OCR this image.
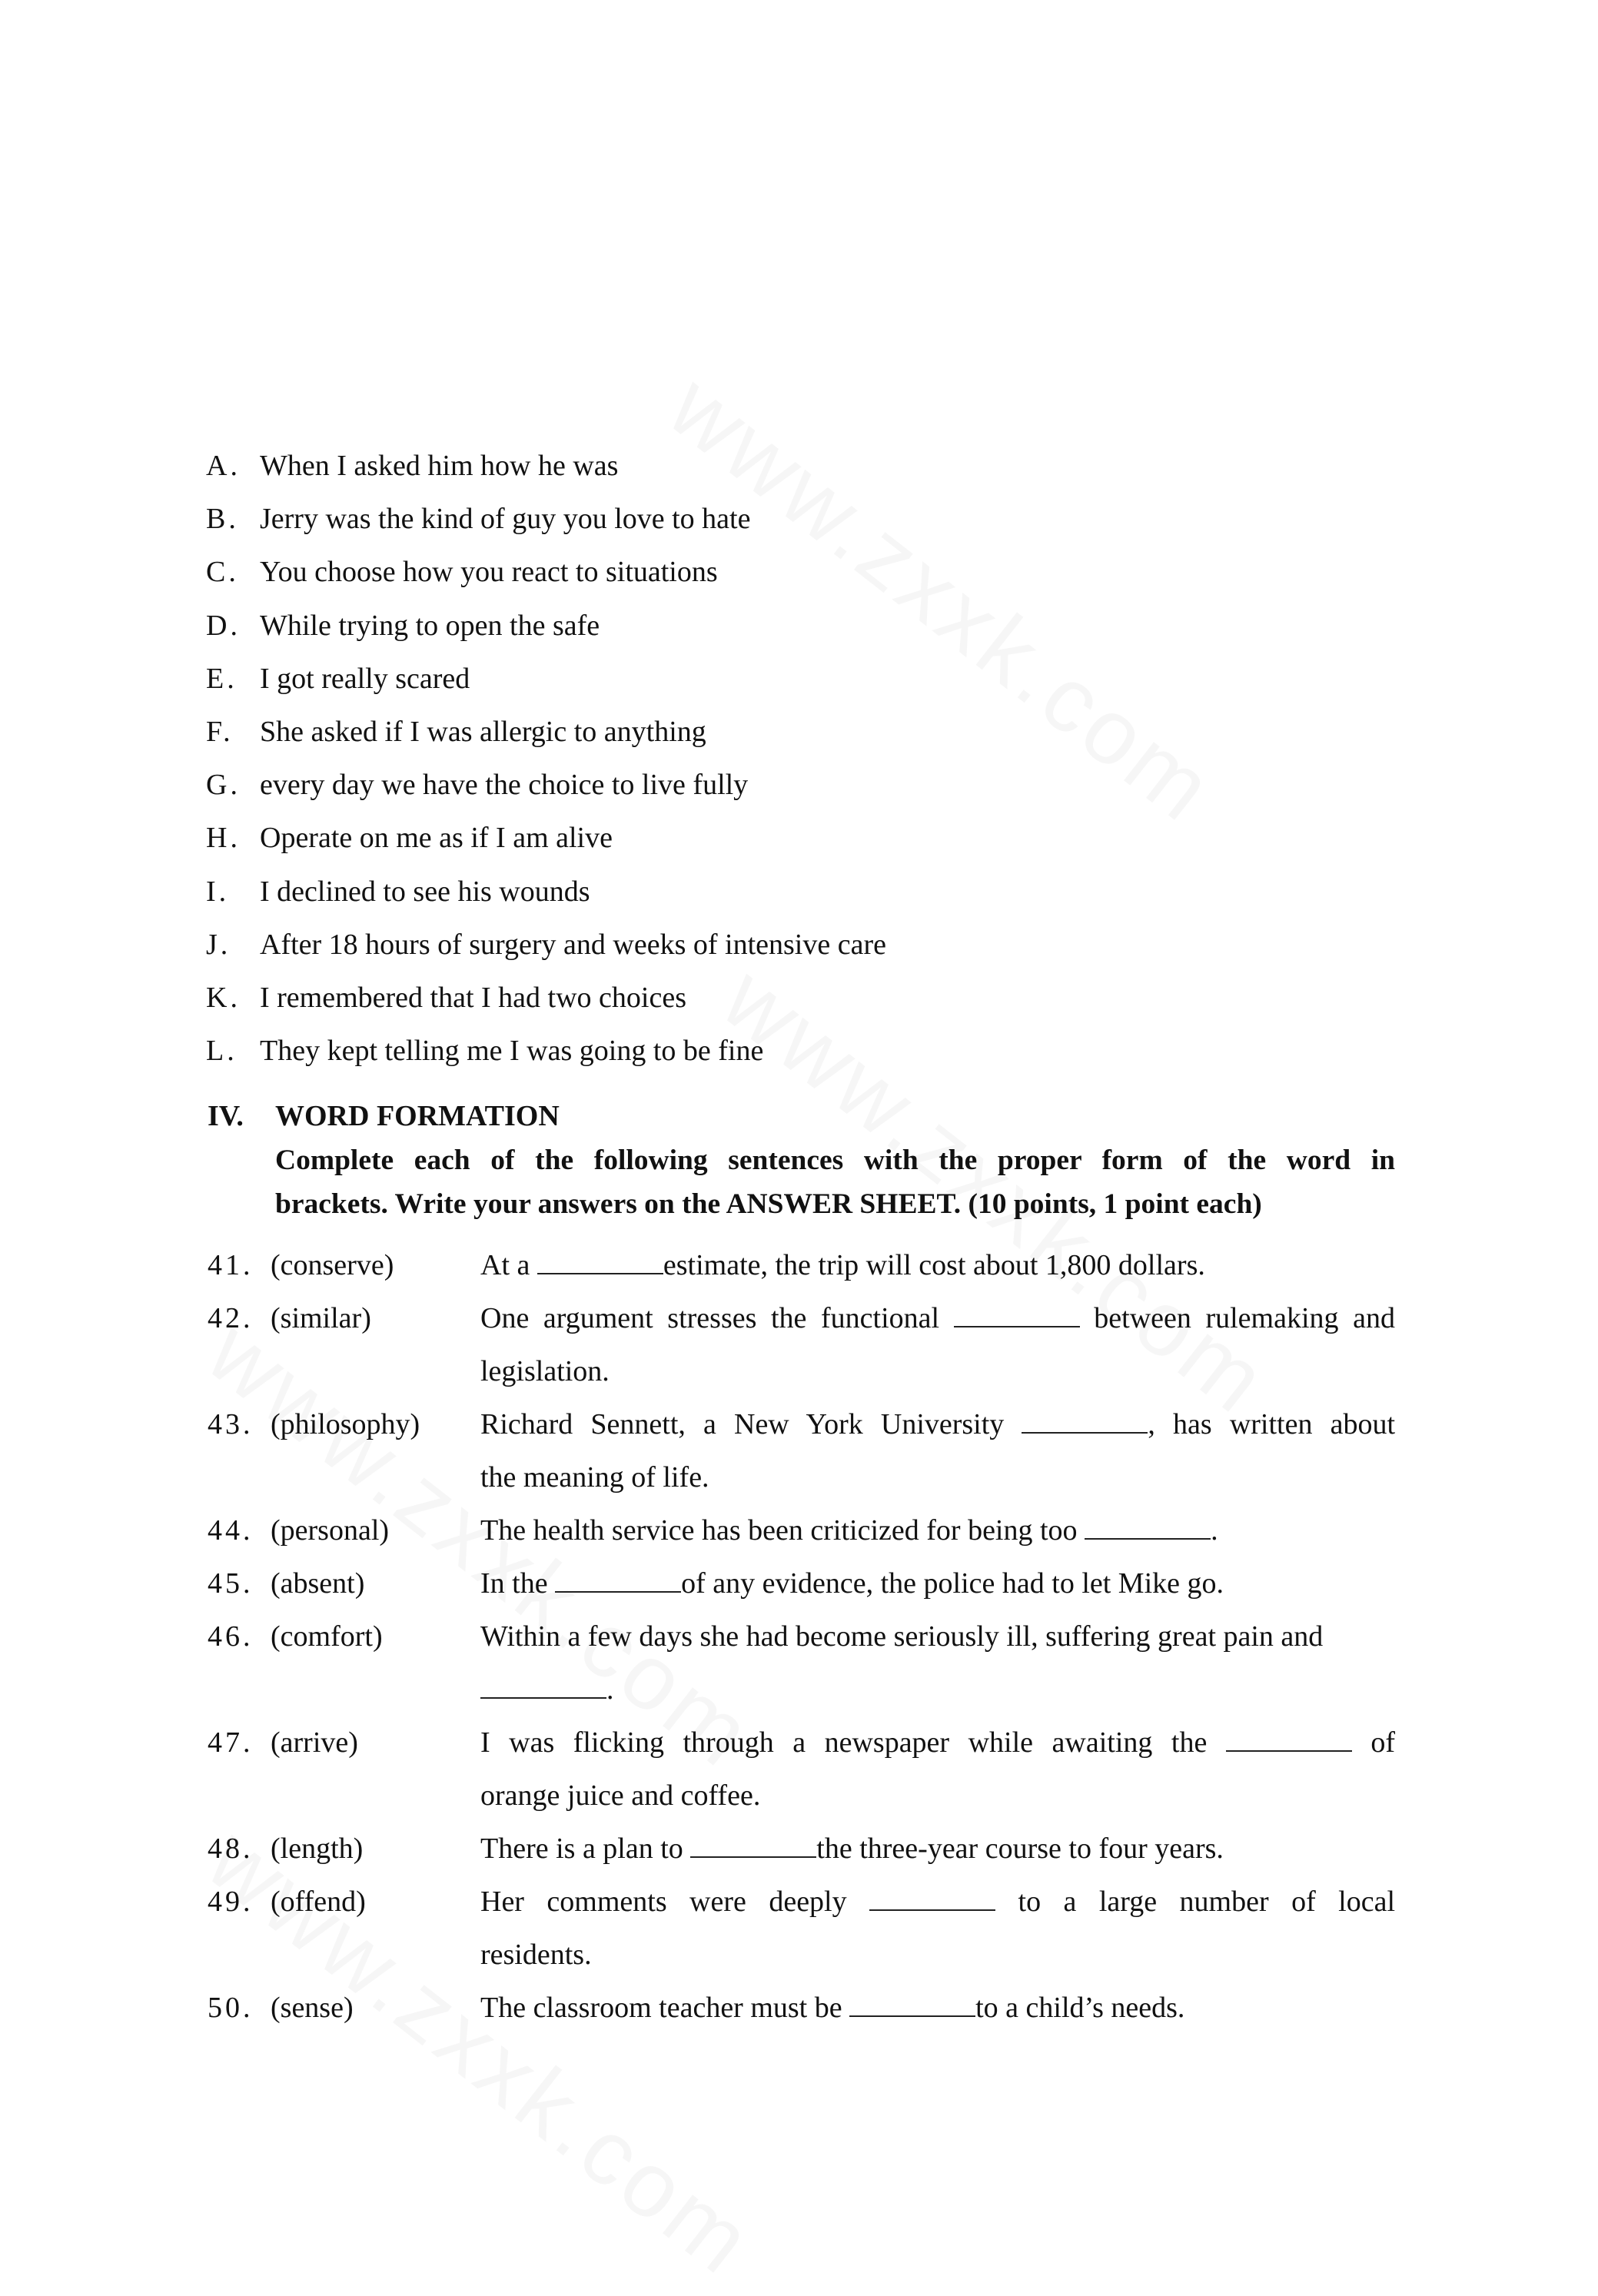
A. When I asked him how he was
B. Jerry was the kind of guy you love to hate
C. You choose how you react to situations
D. While trying to open the safe
E. I got really scared
F. She asked if I was allergic to anything
G. every day we have the choice to live fully
H. Operate on me as if I am alive
I.	I declined to see his wounds
J. After 18 hours of surgery and weeks of intensive care
K. I remembered that I had two choices
L. They kept telling me I was going to be fine
IV.	WORD FORMATION
Complete each of the following sentences with the proper form of the word in
brackets. Write your answers on the ANSWER SHEET. (10 points, 1 point each)
41. (conserve)	At a	estimate, the trip will cost about 1,800 dollars.
42. (similar)	One argument stresses the functional	between rulemaking and
legislation.
43. (philosophy)	Richard Sennett, a New York University	, has written about
the meaning of life.
44. (personal)	The health service has been criticized for being too	.
45. (absent)	In the	of any evidence, the police had to let Mike go.
46. (comfort)	Within a few days she had become seriously ill, suffering great pain and
.
47. (arrive)	I was flicking through a newspaper while awaiting the	of
orange juice and coffee.
48. (length)	There is a plan to	the three-year course to four years.
49. (offend)	Her comments were deeply	to a large number of local
residents.
50. (sense)	The classroom teacher must be	to a child’s needs.
